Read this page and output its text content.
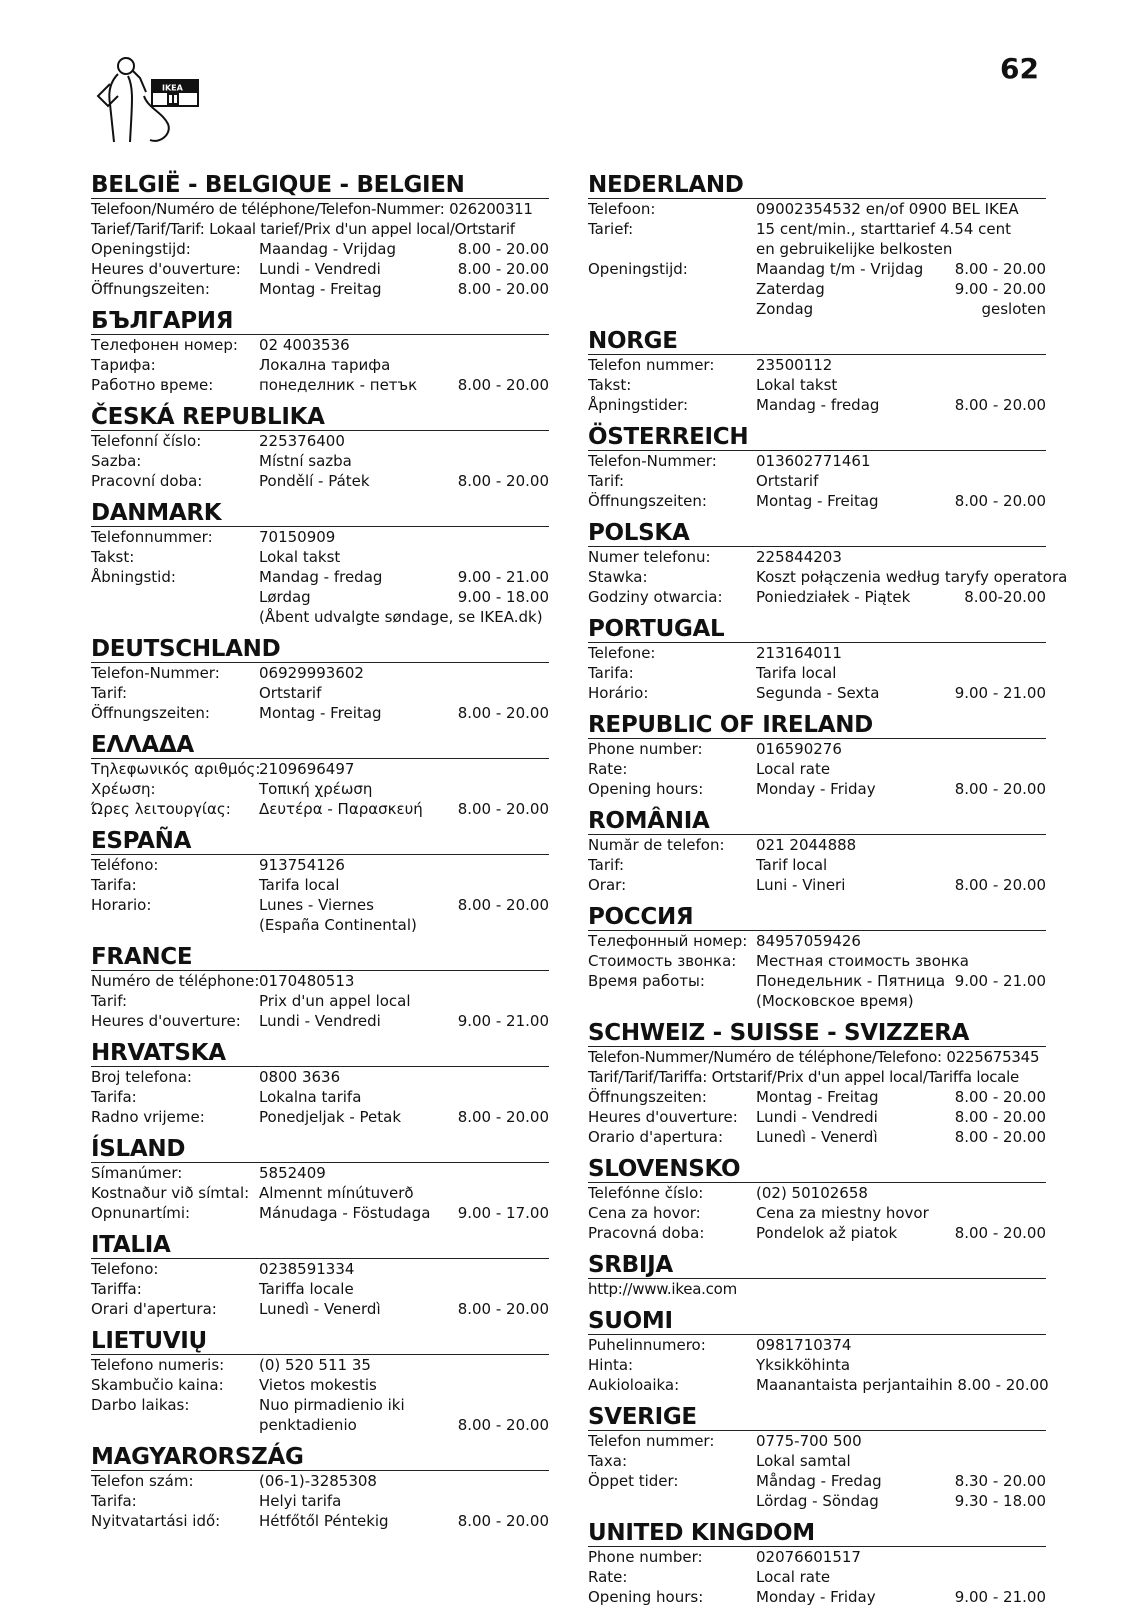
62
IKEA
BELGIË - BELGIQUE - BELGIEN
Telefoon/Numéro de téléphone/Telefon-Nummer: 026200311
Tarief/Tarif/Tarif: Lokaal tarief/Prix d'un appel local/Ortstarif
Openingstijd:	Maandag - Vrijdag	8.00 - 20.00
Heures d'ouverture:	Lundi - Vendredi	8.00 - 20.00
Öffnungszeiten:	Montag - Freitag	8.00 - 20.00
БЪЛГАРИЯ
Телефонен номер:	02 4003536
Тарифа:	Локална тарифа
Работно време:	понеделник - петък	8.00 - 20.00
ČESKÁ REPUBLIKA
Telefonní číslo:	225376400
Sazba:	Místní sazba
Pracovní doba:	Pondělí - Pátek	8.00 - 20.00
DANMARK
Telefonnummer:	70150909
Takst:	Lokal takst
Åbningstid:	Mandag - fredag	9.00 - 21.00
Lørdag	9.00 - 18.00
(Åbent udvalgte søndage, se IKEA.dk)
DEUTSCHLAND
Telefon-Nummer:	06929993602
Tarif:	Ortstarif
Öffnungszeiten:	Montag - Freitag	8.00 - 20.00
ΕΛΛΑΔΑ
Τηλεφωνικός αριθμός:
2109696497
Χρέωση:	Τοπική χρέωση
Ώρες λειτουργίας:	Δευτέρα - Παρασκευή	8.00 - 20.00
ESPAÑA
Teléfono:	913754126
Tarifa:	Tarifa local
Horario:	Lunes - Viernes	8.00 - 20.00
(España Continental)
FRANCE
Numéro de téléphone: 0170480513
Tarif:	Prix d'un appel local
Heures d'ouverture:	Lundi - Vendredi	9.00 - 21.00
HRVATSKA
Broj telefona:	0800 3636
Tarifa:	Lokalna tarifa
Radno vrijeme:	Ponedjeljak - Petak	8.00 - 20.00
ÍSLAND
Símanúmer:	5852409
Kostnaður við símtal: Almennt mínútuverð
Opnunartími:	Mánudaga - Föstudaga	9.00 - 17.00
ITALIA
Telefono:	0238591334
Tariffa:	Tariffa locale
Orari d'apertura:	Lunedì - Venerdì	8.00 - 20.00
LIETUVIŲ
Telefono numeris:	(0) 520 511 35
Skambučio kaina:	Vietos mokestis
Darbo laikas:	Nuo pirmadienio iki
penktadienio	8.00 - 20.00
MAGYARORSZÁG
Telefon szám:	(06-1)-3285308
Tarifa:	Helyi tarifa
Nyitvatartási idő:	Hétfőtől Péntekig	8.00 - 20.00
NEDERLAND
Telefoon:	09002354532 en/of 0900 BEL IKEA
Tarief:	15 cent/min., starttarief 4.54 cent
en gebruikelijke belkosten
Openingstijd:	Maandag t/m - Vrijdag	8.00 - 20.00
Zaterdag	9.00 - 20.00
Zondag	gesloten
NORGE
Telefon nummer:	23500112
Takst:	Lokal takst
Åpningstider:	Mandag - fredag	8.00 - 20.00
ÖSTERREICH
Telefon-Nummer:	013602771461
Tarif:	Ortstarif
Öffnungszeiten:	Montag - Freitag	8.00 - 20.00
POLSKA
Numer telefonu:	225844203
Stawka:	Koszt połączenia według taryfy operatora
Godziny otwarcia:	Poniedziałek - Piątek	8.00-20.00
PORTUGAL
Telefone:	213164011
Tarifa:	Tarifa local
Horário:	Segunda - Sexta	9.00 - 21.00
REPUBLIC OF IRELAND
Phone number:	016590276
Rate:	Local rate
Opening hours:	Monday - Friday	8.00 - 20.00
ROMÂNIA
Număr de telefon:	021 2044888
Tarif:	Tarif local
Orar:	Luni - Vineri	8.00 - 20.00
РОССИЯ
Телефонный номер: 84957059426
Стоимость звонка:	Местная стоимость звонка
Время работы:	Понедельник - Пятница 9.00 - 21.00
(Московское время)
SCHWEIZ - SUISSE - SVIZZERA
Telefon-Nummer/Numéro de téléphone/Telefono: 0225675345
Tarif/Tarif/Tariffa: Ortstarif/Prix d'un appel local/Tariffa locale
Öffnungszeiten:	Montag - Freitag	8.00 - 20.00
Heures d'ouverture:	Lundi - Vendredi	8.00 - 20.00
Orario d'apertura:	Lunedì - Venerdì	8.00 - 20.00
SLOVENSKO
Telefónne číslo:	(02) 50102658
Cena za hovor:	Cena za miestny hovor
Pracovná doba:	Pondelok až piatok	8.00 - 20.00
SRBIJA
http://www.ikea.com
SUOMI
Puhelinnumero:	0981710374
Hinta:	Yksikköhinta
Aukioloaika:	Maanantaista perjantaihin 8.00 - 20.00
SVERIGE
Telefon nummer:	0775-700 500
Taxa:	Lokal samtal
Öppet tider:	Måndag - Fredag	8.30 - 20.00
Lördag - Söndag	9.30 - 18.00
UNITED KINGDOM
Phone number:	02076601517
Rate:	Local rate
Opening hours:	Monday - Friday	9.00 - 21.00
